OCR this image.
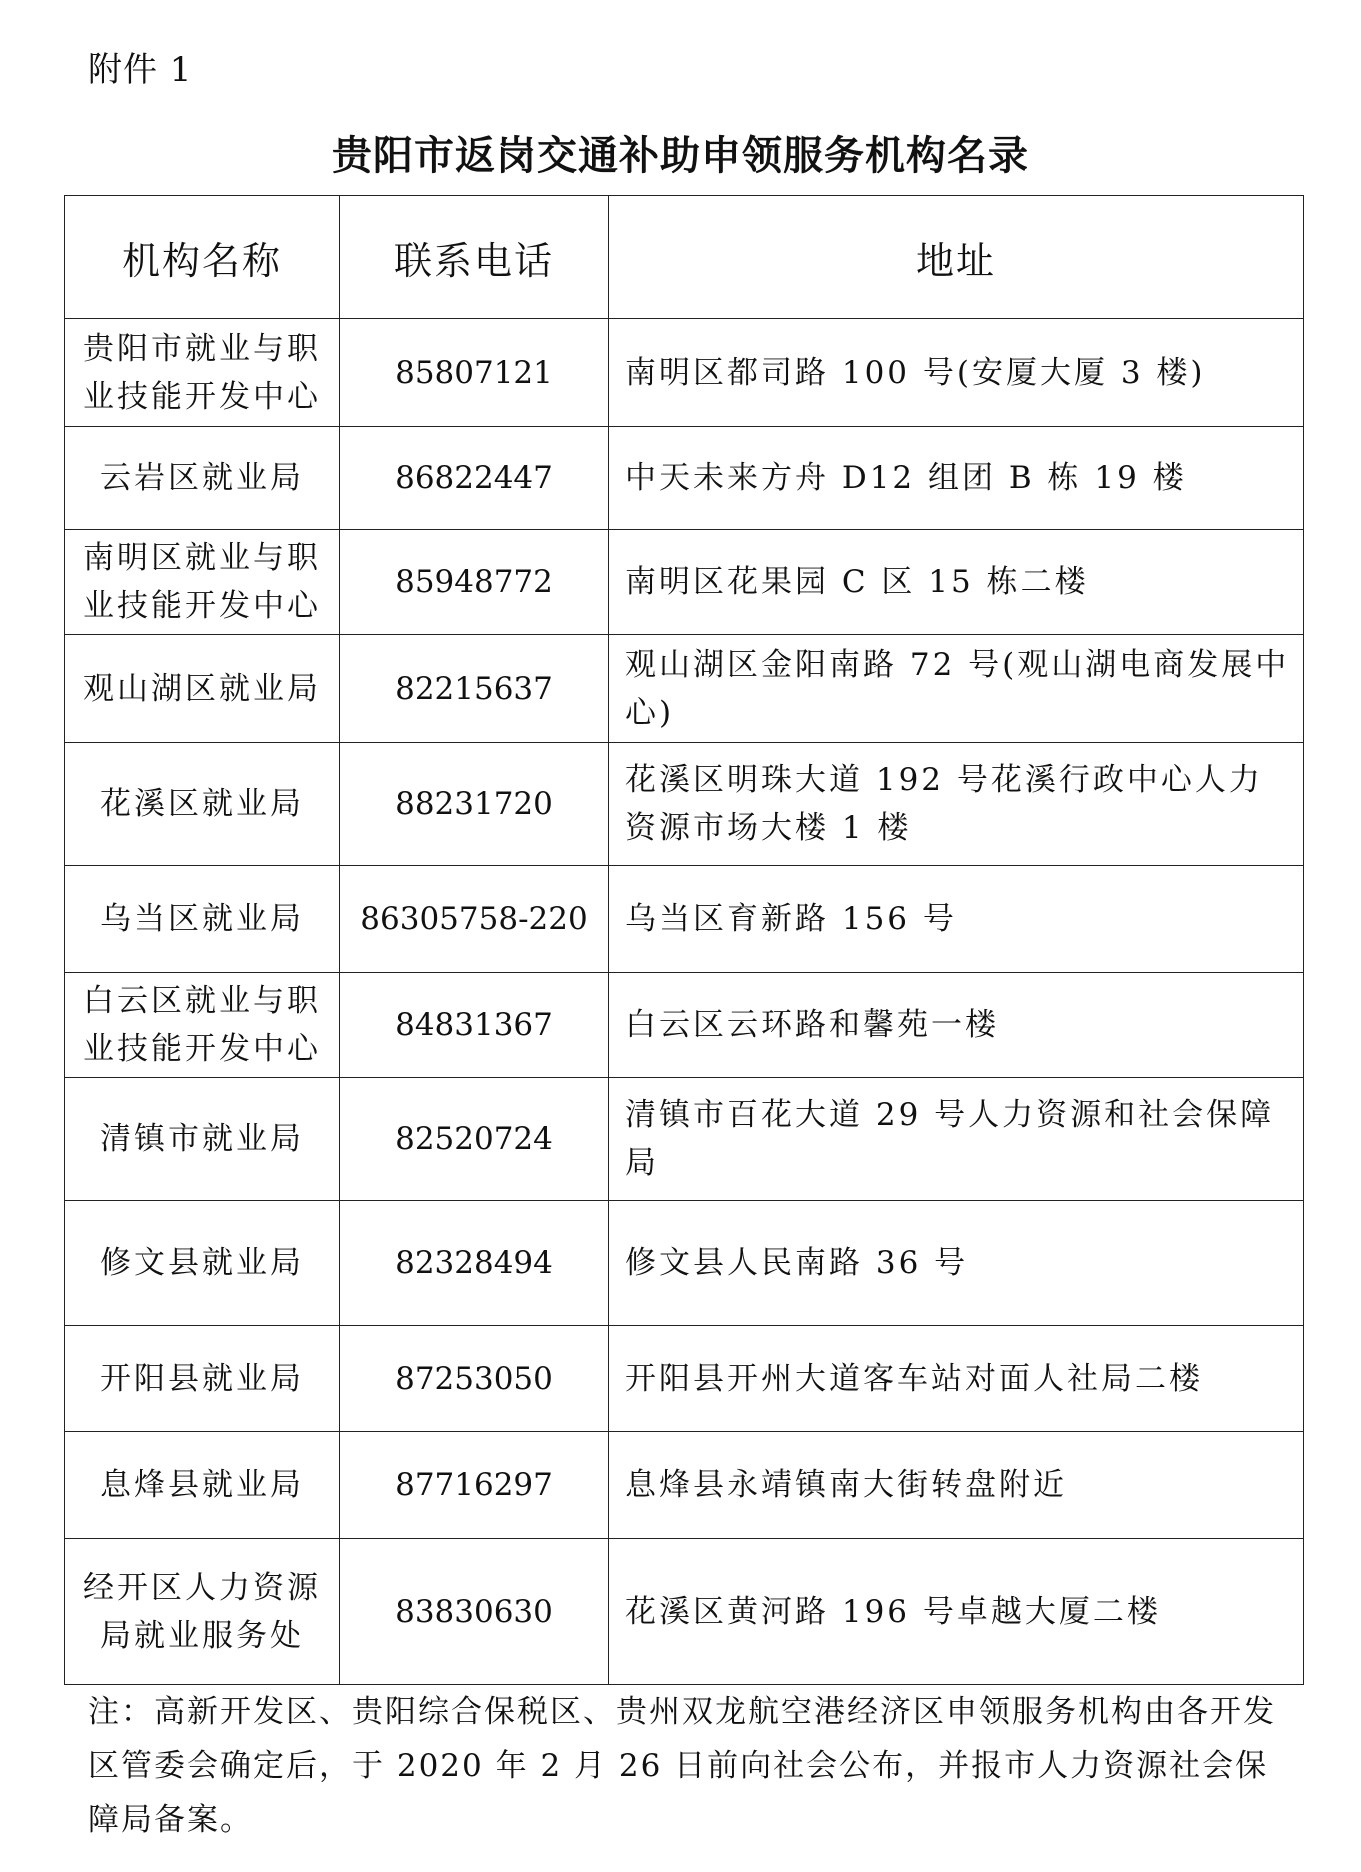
附件 1
贵阳市返岗交通补助申领服务机构名录
机构名称	联系电话	地址
贵阳市就业与职业技能开发中心	85807121	南明区都司路 100 号(安厦大厦 3 楼)
云岩区就业局	86822447	中天未来方舟 D12 组团 B 栋 19 楼
南明区就业与职业技能开发中心	85948772	南明区花果园 C 区 15 栋二楼
观山湖区就业局	82215637	观山湖区金阳南路 72 号(观山湖电商发展中心)
花溪区就业局	88231720	花溪区明珠大道 192 号花溪行政中心人力资源市场大楼 1 楼
乌当区就业局	86305758-220	乌当区育新路 156 号
白云区就业与职业技能开发中心	84831367	白云区云环路和馨苑一楼
清镇市就业局	82520724	清镇市百花大道 29 号人力资源和社会保障局
修文县就业局	82328494	修文县人民南路 36 号
开阳县就业局	87253050	开阳县开州大道客车站对面人社局二楼
息烽县就业局	87716297	息烽县永靖镇南大街转盘附近
经开区人力资源局就业服务处	83830630	花溪区黄河路 196 号卓越大厦二楼
注：高新开发区、贵阳综合保税区、贵州双龙航空港经济区申领服务机构由各开发区管委会确定后，于 2020 年 2 月 26 日前向社会公布，并报市人力资源社会保障局备案。
